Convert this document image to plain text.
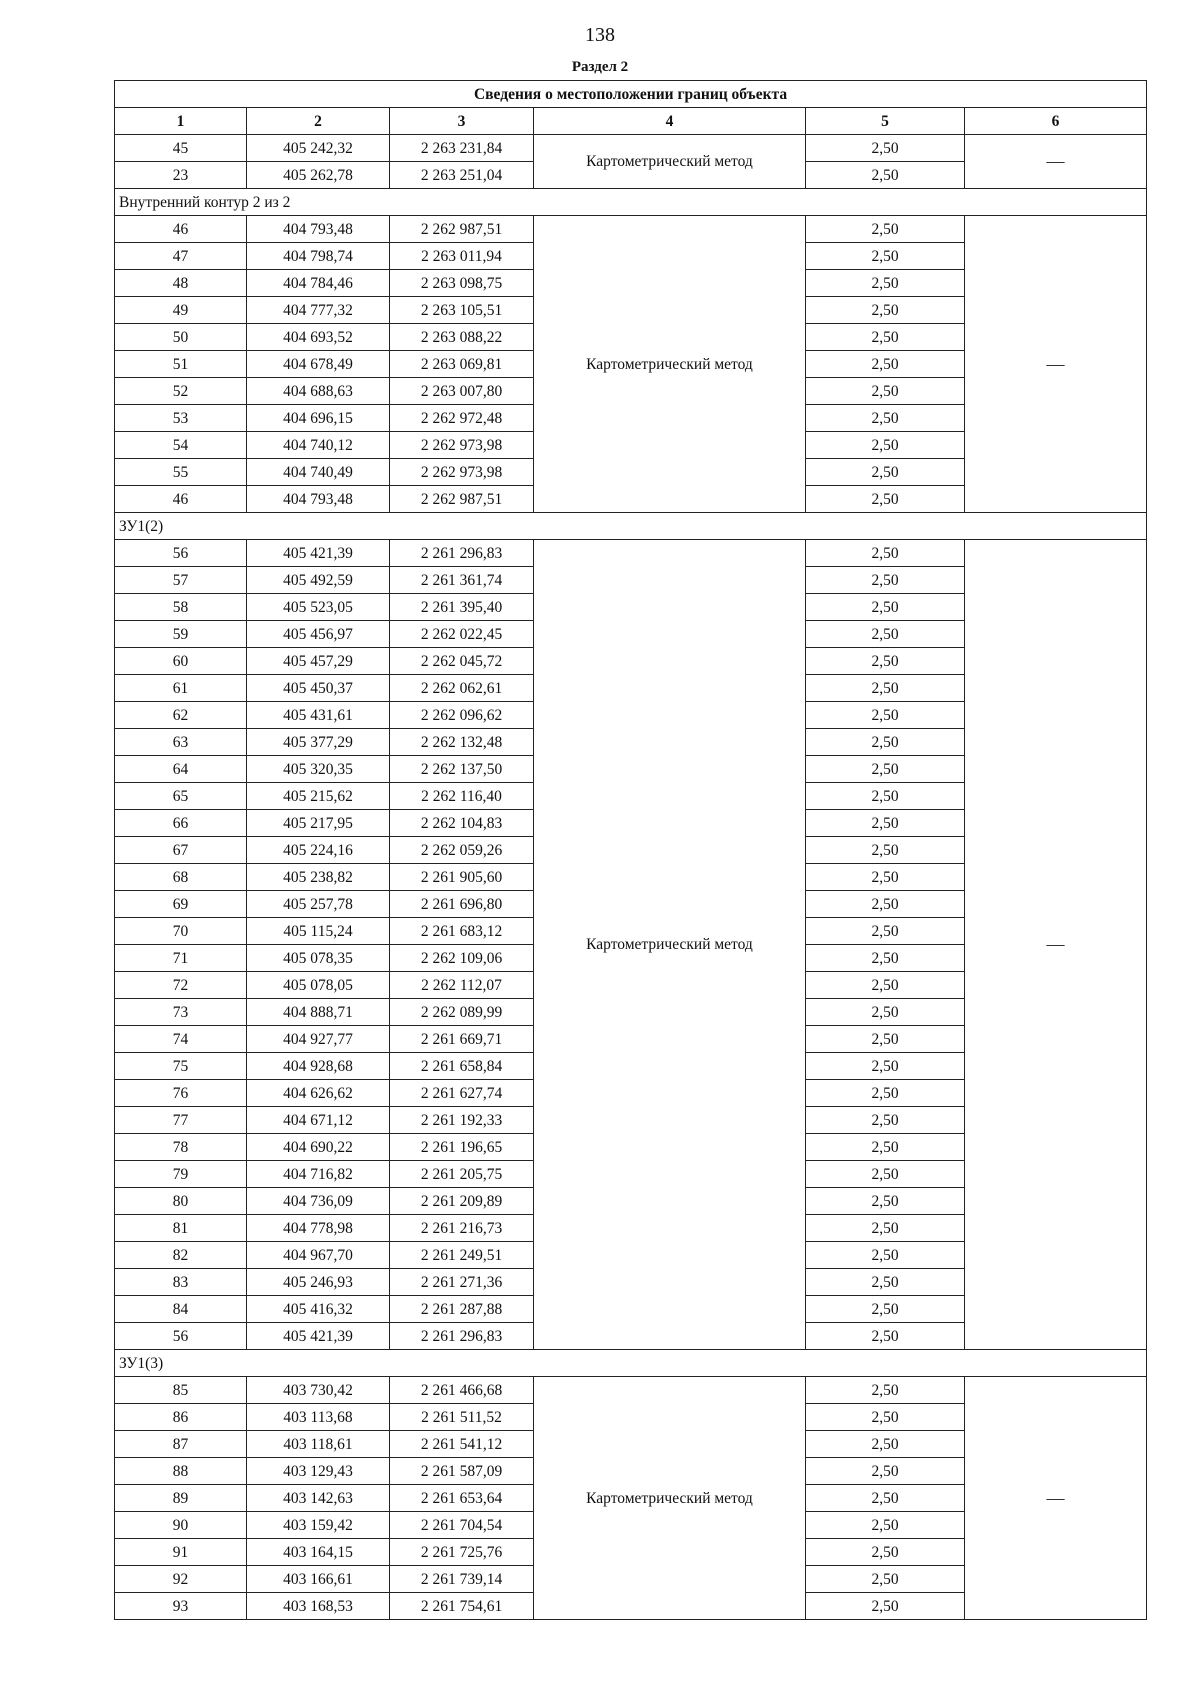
138
Раздел 2
Сведения о местоположении границ объекта					
1	2	3	4	5	6
45	405 242,32	2 263 231,84	Картометрический метод	2,50	—
23	405 262,78	2 263 251,04		2,50	
Внутренний контур 2 из 2					
46	404 793,48	2 262 987,51	Картометрический метод	2,50	—
47	404 798,74	2 263 011,94		2,50	
48	404 784,46	2 263 098,75		2,50	
49	404 777,32	2 263 105,51		2,50	
50	404 693,52	2 263 088,22		2,50	
51	404 678,49	2 263 069,81		2,50	
52	404 688,63	2 263 007,80		2,50	
53	404 696,15	2 262 972,48		2,50	
54	404 740,12	2 262 973,98		2,50	
55	404 740,49	2 262 973,98		2,50	
46	404 793,48	2 262 987,51		2,50	
ЗУ1(2)					
56	405 421,39	2 261 296,83	Картометрический метод	2,50	—
57	405 492,59	2 261 361,74		2,50	
58	405 523,05	2 261 395,40		2,50	
59	405 456,97	2 262 022,45		2,50	
60	405 457,29	2 262 045,72		2,50	
61	405 450,37	2 262 062,61		2,50	
62	405 431,61	2 262 096,62		2,50	
63	405 377,29	2 262 132,48		2,50	
64	405 320,35	2 262 137,50		2,50	
65	405 215,62	2 262 116,40		2,50	
66	405 217,95	2 262 104,83		2,50	
67	405 224,16	2 262 059,26		2,50	
68	405 238,82	2 261 905,60		2,50	
69	405 257,78	2 261 696,80		2,50	
70	405 115,24	2 261 683,12		2,50	
71	405 078,35	2 262 109,06		2,50	
72	405 078,05	2 262 112,07		2,50	
73	404 888,71	2 262 089,99		2,50	
74	404 927,77	2 261 669,71		2,50	
75	404 928,68	2 261 658,84		2,50	
76	404 626,62	2 261 627,74		2,50	
77	404 671,12	2 261 192,33		2,50	
78	404 690,22	2 261 196,65		2,50	
79	404 716,82	2 261 205,75		2,50	
80	404 736,09	2 261 209,89		2,50	
81	404 778,98	2 261 216,73		2,50	
82	404 967,70	2 261 249,51		2,50	
83	405 246,93	2 261 271,36		2,50	
84	405 416,32	2 261 287,88		2,50	
56	405 421,39	2 261 296,83		2,50	
ЗУ1(3)					
85	403 730,42	2 261 466,68	Картометрический метод	2,50	—
86	403 113,68	2 261 511,52		2,50	
87	403 118,61	2 261 541,12		2,50	
88	403 129,43	2 261 587,09		2,50	
89	403 142,63	2 261 653,64		2,50	
90	403 159,42	2 261 704,54		2,50	
91	403 164,15	2 261 725,76		2,50	
92	403 166,61	2 261 739,14		2,50	
93	403 168,53	2 261 754,61		2,50	
